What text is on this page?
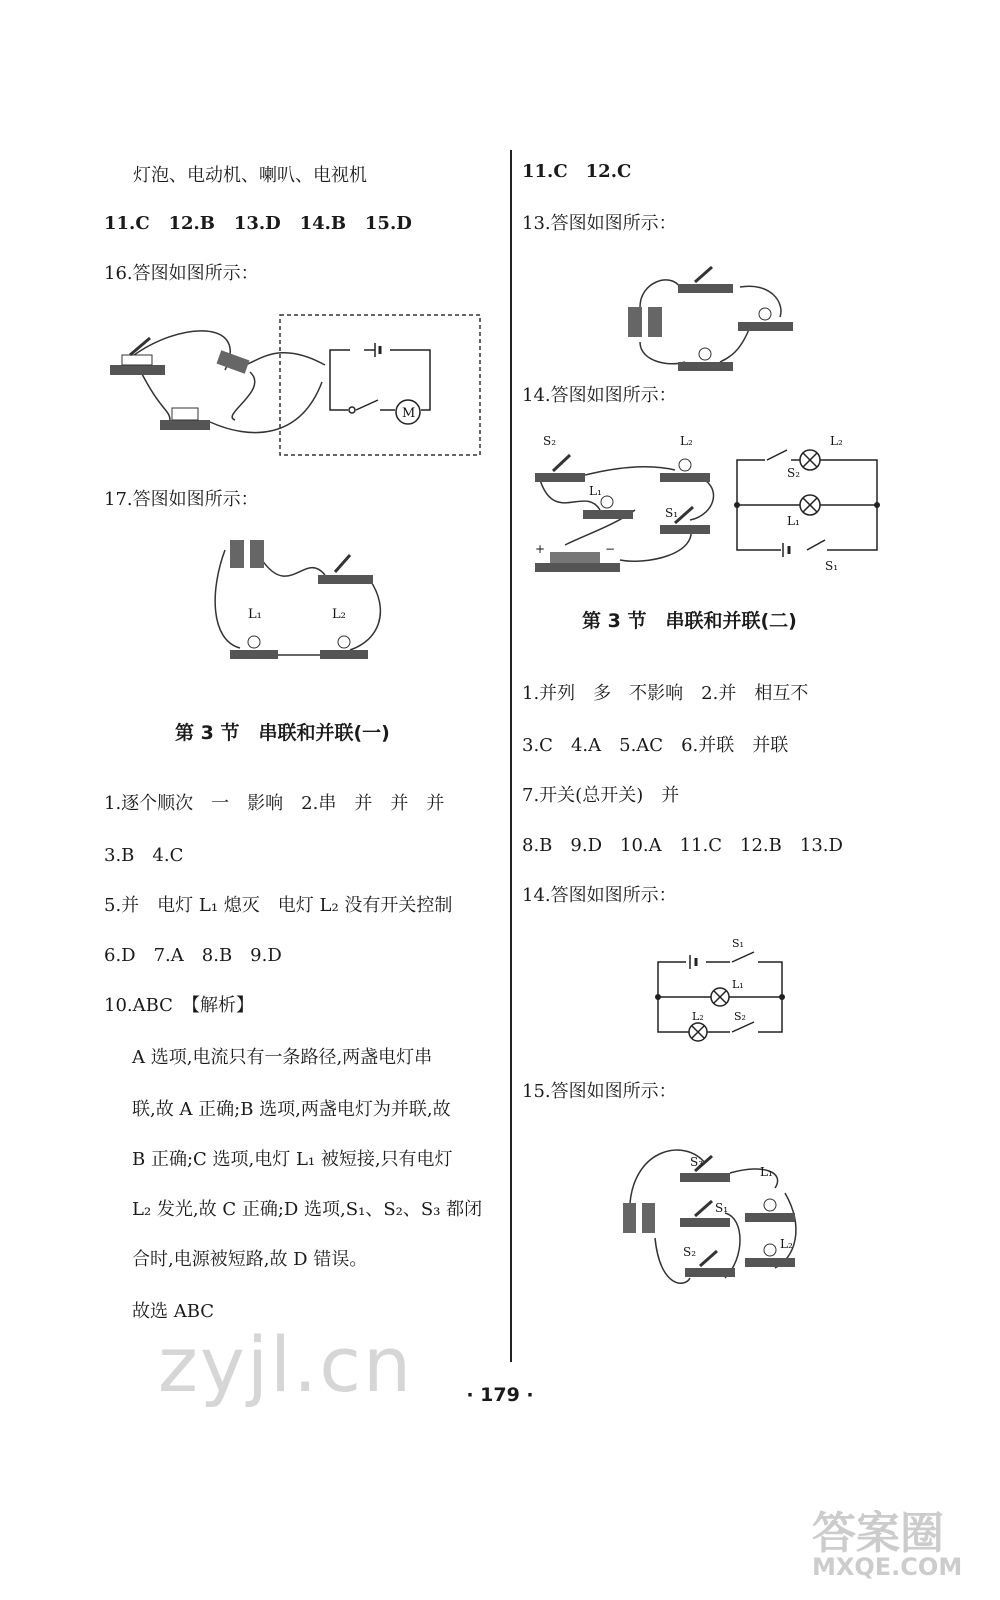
灯泡、电动机、喇叭、电视机
11.C 12.B 13.D 14.B 15.D
16.答图如图所示：
M
17.答图如图所示：
L₁	L₂
第 3 节　串联和并联(一)
1.逐个顺次　一　影响　2.串　并　并　并
3.B　4.C
5.并　电灯 L₁ 熄灭　电灯 L₂ 没有开关控制
6.D　7.A　8.B　9.D
10.ABC　【解析】
A 选项,电流只有一条路径,两盏电灯串
联,故 A 正确;B 选项,两盏电灯为并联,故
B 正确;C 选项,电灯 L₁ 被短接,只有电灯
L₂ 发光,故 C 正确;D 选项,S₁、S₂、S₃ 都闭
合时,电源被短路,故 D 错误。
故选 ABC
11.C　12.C
13.答图如图所示：
14.答图如图所示：
+	−
S₂	L₂
L₁
S₁
S₂
L₂
L₁
S₁
第 3 节　串联和并联(二)
1.并列　多　不影响　2.并　相互不
3.C　4.A　5.AC　6.并联　并联
7.开关(总开关)　并
8.B　9.D　10.A　11.C　12.B　13.D
14.答图如图所示：
S₁
L₁
L₂	S₂
15.答图如图所示：
S₃
L₁
S₁
S₂
L₂
· 179 ·
zyjl.cn
答案圈
MXQE.COM
